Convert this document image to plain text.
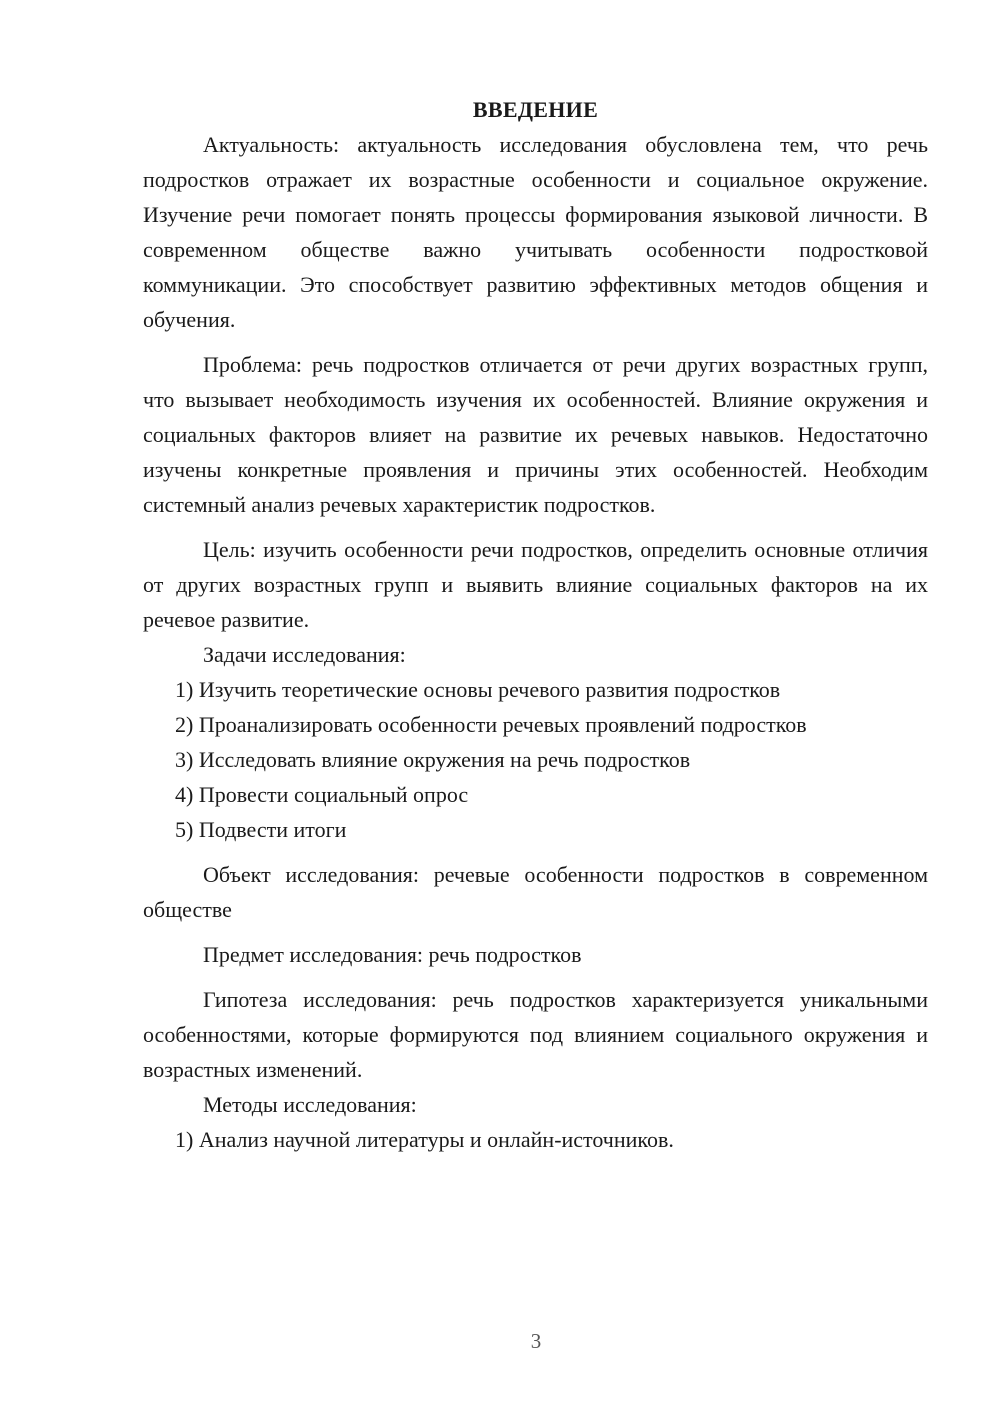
ВВЕДЕНИЕ

Актуальность: актуальность исследования обусловлена тем, что речь подростков отражает их возрастные особенности и социальное окружение. Изучение речи помогает понять процессы формирования языковой личности. В современном обществе важно учитывать особенности подростковой коммуникации. Это способствует развитию эффективных методов общения и обучения.

Проблема: речь подростков отличается от речи других возрастных групп, что вызывает необходимость изучения их особенностей. Влияние окружения и социальных факторов влияет на развитие их речевых навыков. Недостаточно изучены конкретные проявления и причины этих особенностей. Необходим системный анализ речевых характеристик подростков.

Цель: изучить особенности речи подростков, определить основные отличия от других возрастных групп и выявить влияние социальных факторов на их речевое развитие.

Задачи исследования:

1) Изучить теоретические основы речевого развития подростков

2) Проанализировать особенности речевых проявлений подростков

3) Исследовать влияние окружения на речь подростков

4) Провести социальный опрос

5) Подвести итоги

Объект исследования: речевые особенности подростков в современном обществе

Предмет исследования: речь подростков

Гипотеза исследования: речь подростков характеризуется уникальными особенностями, которые формируются под влиянием социального окружения и возрастных изменений.

Методы исследования:

1) Анализ научной литературы и онлайн-источников.

3
